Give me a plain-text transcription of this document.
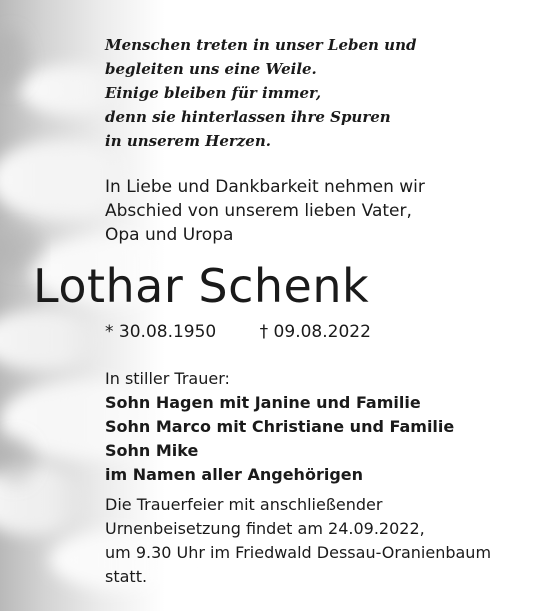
Menschen treten in unser Leben und
begleiten uns eine Weile.
Einige bleiben für immer,
denn sie hinterlassen ihre Spuren
in unserem Herzen.
In Liebe und Dankbarkeit nehmen wir
Abschied von unserem lieben Vater,
Opa und Uropa
Lothar Schenk
* 30.08.1950	† 09.08.2022
In stiller Trauer:
Sohn Hagen mit Janine und Familie
Sohn Marco mit Christiane und Familie
Sohn Mike
im Namen aller Angehörigen
Die Trauerfeier mit anschließender
Urnenbeisetzung findet am 24.09.2022,
um 9.30 Uhr im Friedwald Dessau-Oranienbaum
statt.
